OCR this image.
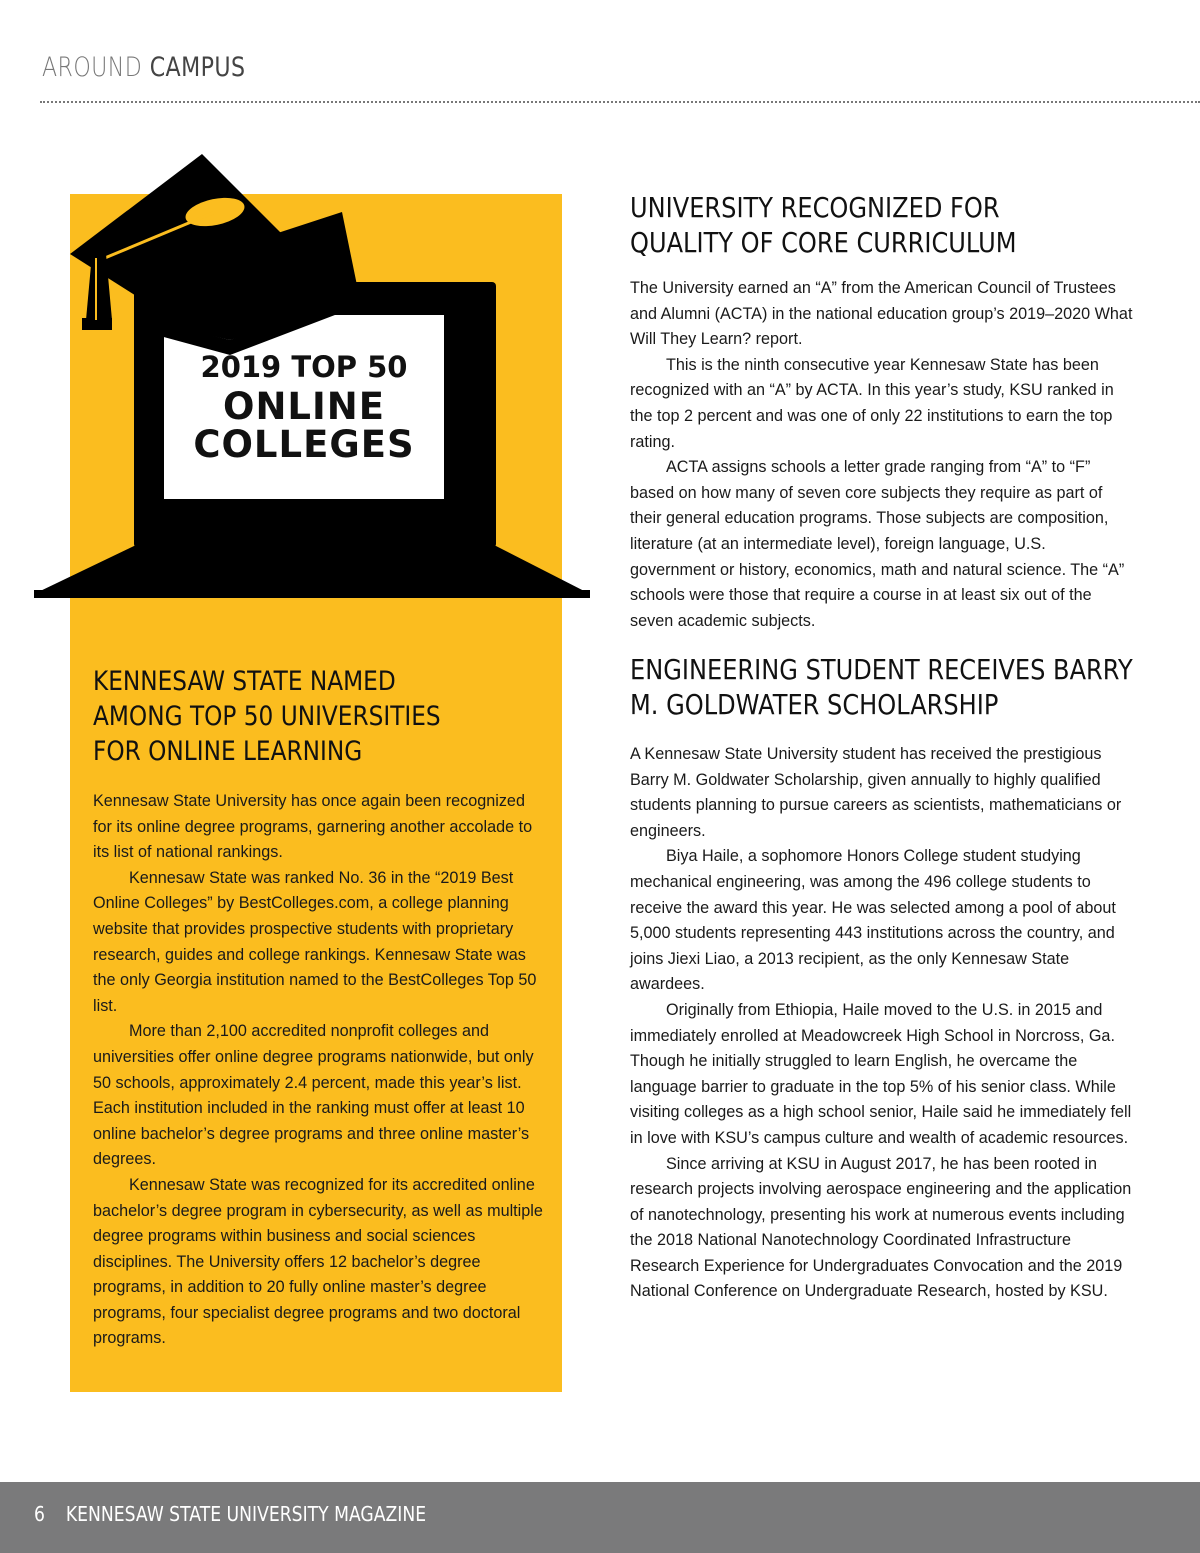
AROUND CAMPUS
2019 TOP 50
ONLINE
COLLEGES
KENNESAW STATE NAMED
AMONG TOP 50 UNIVERSITIES
FOR ONLINE LEARNING

Kennesaw State University has once again been recognized for its online degree programs, garnering another accolade to its list of national rankings.

Kennesaw State was ranked No. 36 in the “2019 Best Online Colleges” by BestColleges.com, a college planning website that provides prospective students with proprietary research, guides and college rankings. Kennesaw State was the only Georgia institution named to the BestColleges Top 50 list.

More than 2,100 accredited nonprofit colleges and universities offer online degree programs nationwide, but only 50 schools, approximately 2.4 percent, made this year’s list. Each institution included in the ranking must offer at least 10 online bachelor’s degree programs and three online master’s degrees.

Kennesaw State was recognized for its accredited online bachelor’s degree program in cybersecurity, as well as multiple degree programs within business and social sciences disciplines. The University offers 12 bachelor’s degree programs, in addition to 20 fully online master’s degree programs, four specialist degree programs and two doctoral programs.

UNIVERSITY RECOGNIZED FOR
QUALITY OF CORE CURRICULUM

The University earned an “A” from the American Council of Trustees and Alumni (ACTA) in the national education group’s 2019–2020 What Will They Learn? report.

This is the ninth consecutive year Kennesaw State has been recognized with an “A” by ACTA. In this year’s study, KSU ranked in the top 2 percent and was one of only 22 institutions to earn the top rating.

ACTA assigns schools a letter grade ranging from “A” to “F” based on how many of seven core subjects they require as part of their general education programs. Those subjects are composition, literature (at an intermediate level), foreign language, U.S. government or history, economics, math and natural science. The “A” schools were those that require a course in at least six out of the seven academic subjects.

ENGINEERING STUDENT RECEIVES BARRY
M. GOLDWATER SCHOLARSHIP

A Kennesaw State University student has received the prestigious Barry M. Goldwater Scholarship, given annually to highly qualified students planning to pursue careers as scientists, mathematicians or engineers.

Biya Haile, a sophomore Honors College student studying mechanical engineering, was among the 496 college students to receive the award this year. He was selected among a pool of about 5,000 students representing 443 institutions across the country, and joins Jiexi Liao, a 2013 recipient, as the only Kennesaw State awardees.

Originally from Ethiopia, Haile moved to the U.S. in 2015 and immediately enrolled at Meadowcreek High School in Norcross, Ga. Though he initially struggled to learn English, he overcame the language barrier to graduate in the top 5% of his senior class. While visiting colleges as a high school senior, Haile said he immediately fell in love with KSU’s campus culture and wealth of academic resources.

Since arriving at KSU in August 2017, he has been rooted in research projects involving aerospace engineering and the application of nanotechnology, presenting his work at numerous events including the 2018 National Nanotechnology Coordinated Infrastructure Research Experience for Undergraduates Convocation and the 2019 National Conference on Undergraduate Research, hosted by KSU.

6 KENNESAW STATE UNIVERSITY MAGAZINE
